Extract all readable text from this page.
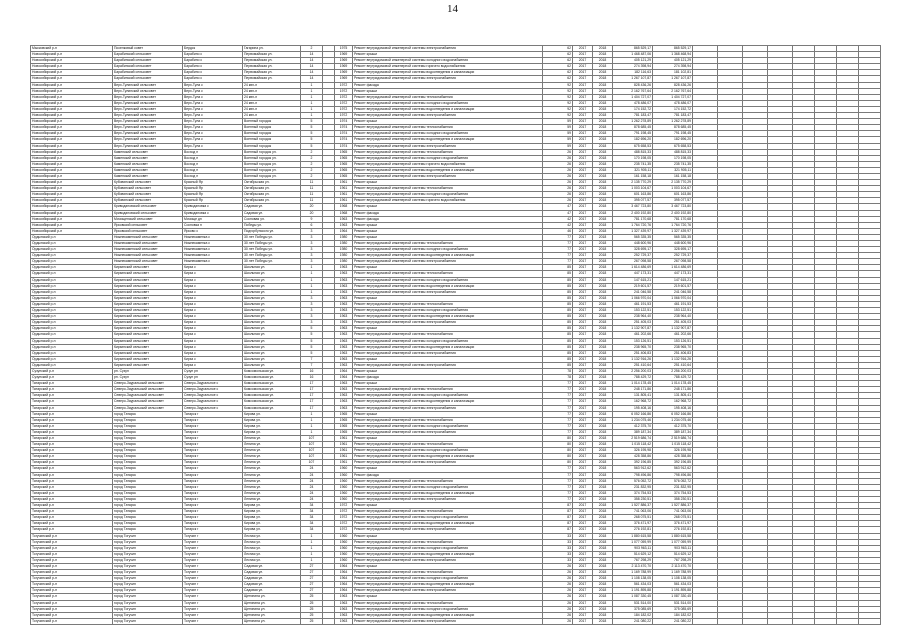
14
Мысковский р-н	Поселковый совет	Бердск	Гагарина ул.	2		1975	Ремонт внутридомовой инженерной системы электроснабжения	62	2017	2018	865 529,17	865 529,17								
Новосибирский р-н	Барабинский сельсовет	Барабино с	Первомайская ул.	14		1969	Ремонт крыши	62	2017	2018	1 468 487,06	1 368 468,94								
Новосибирский р-н	Барабинский сельсовет	Барабино с	Первомайская ул.	14		1969	Ремонт внутридомовой инженерной системы холодного водоснабжения	62	2017	2018	405 121,29	405 121,29								
Новосибирский р-н	Барабинский сельсовет	Барабино с	Первомайская ул.	14		1969	Ремонт внутридомовой инженерной системы горячего водоснабжения	62	2017	2018	274 398,94	274 398,94								
Новосибирский р-н	Барабинский сельсовет	Барабино с	Первомайская ул.	14		1969	Ремонт внутридомовой инженерной системы водоотведения и канализации	62	2017	2018	182 116,63	181 102,81								
Новосибирский р-н	Барабинский сельсовет	Барабино с	Первомайская ул.	14		1969	Ремонт внутридомовой инженерной системы электроснабжения	62	2017	2018	1 267 107,87	1 267 107,87								
Новосибирский р-н	Верх-Тулинский сельсовет	Верх-Тула с	24 квл-л	1		1972	Ремонт фасада	92	2017	2018	828 436,26	828 436,26								
Новосибирский р-н	Верх-Тулинский сельсовет	Верх-Тула с	24 квл-л	1		1972	Ремонт крыши	92	2017	2018	2 162 767,64	2 162 767,64								
Новосибирский р-н	Верх-Тулинский сельсовет	Верх-Тула с	24 квл-л	1		1972	Ремонт внутридомовой инженерной системы теплоснабжения	92	2017	2018	1 404 727,07	1 404 727,07								
Новосибирский р-н	Верх-Тулинский сельсовет	Верх-Тула с	24 квл-л	1		1972	Ремонт внутридомовой инженерной системы холодного водоснабжения	92	2017	2018	478 486,07	478 486,07								
Новосибирский р-н	Верх-Тулинский сельсовет	Верх-Тула с	24 квл-л	1		1972	Ремонт внутридомовой инженерной системы водоотведения и канализации	92	2017	2018	174 152,72	174 152,72								
Новосибирский р-н	Верх-Тулинский сельсовет	Верх-Тула с	24 квл-л	1		1972	Ремонт внутридомовой инженерной системы электроснабжения	92	2017	2018	781 183,47	781 183,47								
Новосибирский р-н	Верх-Тулинский сельсовет	Верх-Тула с	Военный городок	5		1974	Ремонт крыши	59	2017	2018	1 262 278,89	1 262 278,89								
Новосибирский р-н	Верх-Тулинский сельсовет	Верх-Тула с	Военный городок	5		1974	Ремонт внутридомовой инженерной системы теплоснабжения	59	2017	2018	878 685,45	878 685,45								
Новосибирский р-н	Верх-Тулинский сельсовет	Верх-Тула с	Военный городок	5		1974	Ремонт внутридомовой инженерной системы холодного водоснабжения	59	2017	2018	791 198,45	791 198,45								
Новосибирский р-н	Верх-Тулинский сельсовет	Верх-Тула с	Военный городок	5		1974	Ремонт внутридомовой инженерной системы водоотведения и канализации	59	2017	2018	182 696,20	182 696,20								
Новосибирский р-н	Верх-Тулинский сельсовет	Верх-Тула с	Военный городок	5		1974	Ремонт внутридомовой инженерной системы электроснабжения	59	2017	2018	675 658,53	675 658,53								
Новосибирский р-н	Каменский сельсовет	Восход п	Военный городок ул.	2		1965	Ремонт внутридомовой инженерной системы теплоснабжения	26	2017	2018	488 815,33	488 815,33								
Новосибирский р-н	Каменский сельсовет	Восход п	Военный городок ул.	2		1965	Ремонт внутридомовой инженерной системы холодного водоснабжения	26	2017	2018	170 198,05	170 198,05								
Новосибирский р-н	Каменский сельсовет	Восход п	Военный городок ул.	2		1965	Ремонт внутридомовой инженерной системы горячего водоснабжения	26	2017	2018	235 741,35	235 741,35								
Новосибирский р-н	Каменский сельсовет	Восход п	Военный городок ул.	2		1965	Ремонт внутридомовой инженерной системы водоотведения и канализации	26	2017	2018	321 905,11	321 905,11								
Новосибирский р-н	Каменский сельсовет	Восход п	Военный городок ул.	2		1965	Ремонт внутридомовой инженерной системы электроснабжения	26	2017	2018	161 158,18	161 158,18								
Новосибирский р-н	Кубовинский сельсовет	Красный Яр	Октябрьская ул.	11		1961	Ремонт крыши	26	2017	2018	2 135 770,29	2 135 770,29								
Новосибирский р-н	Кубовинский сельсовет	Красный Яр	Октябрьская ул.	11		1961	Ремонт внутридомовой инженерной системы теплоснабжения	26	2017	2018	1 003 104,67	1 003 104,67								
Новосибирский р-н	Кубовинский сельсовет	Красный Яр	Октябрьская ул.	11		1961	Ремонт внутридомовой инженерной системы холодного водоснабжения	26	2017	2018	601 163,86	601 163,86								
Новосибирский р-н	Кубовинский сельсовет	Красный Яр	Октябрьская ул.	11		1961	Ремонт внутридомовой инженерной системы горячего водоснабжения	26	2017	2018	395 077,57	395 077,57								
Новосибирский р-н	Криводановский сельсовет	Криводановка с	Садовая ул.	20		1968	Ремонт крыши	47	2017	2018	3 467 723,80	3 467 723,80								
Новосибирский р-н	Криводановский сельсовет	Криводановка с	Садовая ул.	20		1968	Ремонт фасада	47	2017	2018	2 400 192,80	2 400 192,80								
Новосибирский р-н	Мочищенский сельсовет	Мочище дп	Сосновая ул.	9		1963	Ремонт фасада	42	2017	2018	781 170,68	781 170,68								
Новосибирский р-н	Ярковский сельсовет	Сосновка п	Победы ул.	6		1963	Ремонт крыши	42	2017	2018	1 764 720,76	1 764 720,76								
Новосибирский р-н	Ярковский сельсовет	Ярково с	Подгорбунского ул.	3		1964	Ремонт крыши	46	2017	2018	1 327 439,97	1 327 439,97								
Ордынский р-н	Нижнекаменский сельсовет	Нижнекаменка с	30 лет Победы ул.	3		1980	Ремонт крыши	77	2017	2018	565 335,35	565 335,35								
Ордынский р-н	Нижнекаменский сельсовет	Нижнекаменка с	30 лет Победы ул.	3		1980	Ремонт внутридомовой инженерной системы теплоснабжения	77	2017	2018	448 600,96	448 600,96								
Ордынский р-н	Нижнекаменский сельсовет	Нижнекаменка с	30 лет Победы ул.	3		1980	Ремонт внутридомовой инженерной системы холодного водоснабжения	77	2017	2018	328 695,17	328 695,17								
Ордынский р-н	Нижнекаменский сельсовет	Нижнекаменка с	30 лет Победы ул.	3		1980	Ремонт внутридомовой инженерной системы водоотведения и канализации	77	2017	2018	252 729,37	252 729,37								
Ордынский р-н	Нижнекаменский сельсовет	Нижнекаменка с	30 лет Победы ул.	3		1980	Ремонт внутридомовой инженерной системы электроснабжения	77	2017	2018	267 098,58	267 098,58								
Ордынский р-н	Кирзинский сельсовет	Кирза с	Школьная ул.	1		1963	Ремонт крыши	85	2017	2018	1 614 486,69	1 614 486,69								
Ордынский р-н	Кирзинский сельсовет	Кирза с	Школьная ул.	1		1963	Ремонт внутридомовой инженерной системы теплоснабжения	85	2017	2018	447 173,31	447 173,31								
Ордынский р-н	Кирзинский сельсовет	Кирза с	Школьная ул.	1		1963	Ремонт внутридомовой инженерной системы холодного водоснабжения	85	2017	2018	147 615,21	147 615,21								
Ордынский р-н	Кирзинский сельсовет	Кирза с	Школьная ул.	1		1963	Ремонт внутридомовой инженерной системы водоотведения и канализации	85	2017	2018	219 601,57	219 601,57								
Ордынский р-н	Кирзинский сельсовет	Кирза с	Школьная ул.	1		1963	Ремонт внутридомовой инженерной системы электроснабжения	85	2017	2018	241 046,58	241 046,58								
Ордынский р-н	Кирзинский сельсовет	Кирза с	Школьная ул.	3		1963	Ремонт крыши	85	2017	2018	1 066 970,04	1 066 970,04								
Ордынский р-н	Кирзинский сельсовет	Кирза с	Школьная ул.	3		1963	Ремонт внутридомовой инженерной системы теплоснабжения	85	2017	2018	461 191,53	461 191,53								
Ордынский р-н	Кирзинский сельсовет	Кирза с	Школьная ул.	3		1963	Ремонт внутридомовой инженерной системы холодного водоснабжения	85	2017	2018	153 122,51	153 122,51								
Ордынский р-н	Кирзинский сельсовет	Кирза с	Школьная ул.	3		1963	Ремонт внутридомовой инженерной системы водоотведения и канализации	85	2017	2018	238 964,40	238 964,40								
Ордынский р-н	Кирзинский сельсовет	Кирза с	Школьная ул.	3		1963	Ремонт внутридомовой инженерной системы электроснабжения	85	2017	2018	251 405,03	251 405,03								
Ордынский р-н	Кирзинский сельсовет	Кирза с	Школьная ул.	5		1963	Ремонт крыши	85	2017	2018	1 132 907,87	1 132 907,87								
Ордынский р-н	Кирзинский сельсовет	Кирза с	Школьная ул.	5		1963	Ремонт внутридомовой инженерной системы теплоснабжения	85	2017	2018	461 202,66	461 202,66								
Ордынский р-н	Кирзинский сельсовет	Кирза с	Школьная ул.	5		1963	Ремонт внутридомовой инженерной системы холодного водоснабжения	85	2017	2018	153 126,51	153 126,51								
Ордынский р-н	Кирзинский сельсовет	Кирза с	Школьная ул.	5		1963	Ремонт внутридомовой инженерной системы водоотведения и канализации	85	2017	2018	238 965,70	238 965,70								
Ордынский р-н	Кирзинский сельсовет	Кирза с	Школьная ул.	5		1963	Ремонт внутридомовой инженерной системы электроснабжения	85	2017	2018	251 406,83	251 406,83								
Ордынский р-н	Кирзинский сельсовет	Кирза с	Школьная ул.	7		1963	Ремонт крыши	85	2017	2018	1 132 916,26	1 132 916,26								
Ордынский р-н	Кирзинский сельсовет	Кирза с	Школьная ул.	7		1963	Ремонт внутридомовой инженерной системы электроснабжения	85	2017	2018	251 410,64	251 410,64								
Сузунский р-н	рп. Сузун	Сузун рп	Комсомольская ул.	16		1964	Ремонт крыши	78	2017	2018	2 256 200,03	2 256 200,03								
Сузунский р-н	рп. Сузун	Сузун рп	Комсомольская ул.	16		1964	Ремонт фасада	78	2017	2018	788 429,72	788 429,72								
Татарский р-н	Северо-Зауральский сельсовет	Северо-Зауральное с	Комсомольская ул.	17		1963	Ремонт крыши	77	2017	2018	1 014 178,45	1 014 178,45								
Татарский р-н	Северо-Зауральский сельсовет	Северо-Зауральное с	Комсомольская ул.	17		1963	Ремонт внутридомовой инженерной системы теплоснабжения	77	2017	2018	248 171,86	248 171,86								
Татарский р-н	Северо-Зауральский сельсовет	Северо-Зауральное с	Комсомольская ул.	17		1963	Ремонт внутридомовой инженерной системы холодного водоснабжения	77	2017	2018	131 805,41	131 805,41								
Татарский р-н	Северо-Зауральский сельсовет	Северо-Зауральное с	Комсомольская ул.	17		1963	Ремонт внутридомовой инженерной системы водоотведения и канализации	77	2017	2018	162 968,72	162 968,72								
Татарский р-н	Северо-Зауральский сельсовет	Северо-Зауральное с	Комсомольская ул.	17		1963	Ремонт внутридомовой инженерной системы электроснабжения	77	2017	2018	195 408,16	195 408,16								
Татарский р-н	город Татарск	Татарск г	Кирова ул.	1		1965	Ремонт крыши	77	2017	2018	6 052 166,86	6 052 166,86								
Татарский р-н	город Татарск	Татарск г	Кирова ул.	1		1965	Ремонт внутридомовой инженерной системы теплоснабжения	77	2017	2018	1 234 075,46	1 234 075,46								
Татарский р-н	город Татарск	Татарск г	Кирова ул.	1		1965	Ремонт внутридомовой инженерной системы холодного водоснабжения	77	2017	2018	412 375,70	412 375,70								
Татарский р-н	город Татарск	Татарск г	Кирова ул.	1		1965	Ремонт внутридомовой инженерной системы электроснабжения	77	2017	2018	389 187,34	389 187,34								
Татарский р-н	город Татарск	Татарск г	Ленина ул.	107		1961	Ремонт крыши	80	2017	2018	2 519 686,74	2 519 686,74								
Татарский р-н	город Татарск	Татарск г	Ленина ул.	107		1961	Ремонт внутридомовой инженерной системы теплоснабжения	80	2017	2018	1 015 118,42	1 015 118,42								
Татарский р-н	город Татарск	Татарск г	Ленина ул.	107		1961	Ремонт внутридомовой инженерной системы холодного водоснабжения	80	2017	2018	326 195,98	326 195,98								
Татарский р-н	город Татарск	Татарск г	Ленина ул.	107		1961	Ремонт внутридомовой инженерной системы водоотведения и канализации	80	2017	2018	428 358,86	428 358,86								
Татарский р-н	город Татарск	Татарск г	Ленина ул.	107		1961	Ремонт внутридомовой инженерной системы электроснабжения	80	2017	2018	392 196,85	392 196,85								
Татарский р-н	город Татарск	Татарск г	Ленина ул.	24		1960	Ремонт крыши	77	2017	2018	563 912,62	563 912,62								
Татарский р-н	город Татарск	Татарск г	Ленина ул.	24		1960	Ремонт фасада	77	2017	2018	798 496,86	798 496,86								
Татарский р-н	город Татарск	Татарск г	Ленина ул.	24		1960	Ремонт внутридомовой инженерной системы теплоснабжения	77	2017	2018	576 052,72	576 052,72								
Татарский р-н	город Татарск	Татарск г	Ленина ул.	24		1960	Ремонт внутридомовой инженерной системы холодного водоснабжения	77	2017	2018	231 832,95	231 832,95								
Татарский р-н	город Татарск	Татарск г	Ленина ул.	24		1960	Ремонт внутридомовой инженерной системы водоотведения и канализации	77	2017	2018	374 754,53	374 754,53								
Татарский р-н	город Татарск	Татарск г	Ленина ул.	24		1960	Ремонт внутридомовой инженерной системы электроснабжения	77	2017	2018	358 230,51	358 230,51								
Татарский р-н	город Татарск	Татарск г	Кирова ул.	34		1972	Ремонт крыши	87	2017	2018	1 527 886,37	1 527 886,37								
Татарский р-н	город Татарск	Татарск г	Кирова ул.	34		1972	Ремонт внутридомовой инженерной системы теплоснабжения	87	2017	2018	741 063,06	741 063,06								
Татарский р-н	город Татарск	Татарск г	Кирова ул.	34		1972	Ремонт внутридомовой инженерной системы холодного водоснабжения	87	2017	2018	268 075,51	268 075,51								
Татарский р-н	город Татарск	Татарск г	Кирова ул.	34		1972	Ремонт внутридомовой инженерной системы водоотведения и канализации	87	2017	2018	376 471,97	376 471,97								
Татарский р-н	город Татарск	Татарск г	Кирова ул.	34		1972	Ремонт внутридомовой инженерной системы электроснабжения	87	2017	2018	276 192,81	276 192,81								
Тогучинский р-н	город Тогучин	Тогучин г	Лесная ул.	1		1960	Ремонт крыши	33	2017	2018	1 880 615,58	1 880 615,58								
Тогучинский р-н	город Тогучин	Тогучин г	Лесная ул.	1		1960	Ремонт внутридомовой инженерной системы теплоснабжения	33	2017	2018	1 077 059,99	1 077 059,99								
Тогучинский р-н	город Тогучин	Тогучин г	Лесная ул.	1		1960	Ремонт внутридомовой инженерной системы холодного водоснабжения	33	2017	2018	903 963,11	903 963,11								
Тогучинский р-н	город Тогучин	Тогучин г	Лесная ул.	1		1960	Ремонт внутридомовой инженерной системы водоотведения и канализации	33	2017	2018	514 629,12	514 629,12								
Тогучинский р-н	город Тогучин	Тогучин г	Лесная ул.	1		1960	Ремонт внутридомовой инженерной системы электроснабжения	33	2017	2018	767 298,29	767 298,29								
Тогучинский р-н	город Тогучин	Тогучин г	Садовая ул.	27		1964	Ремонт крыши	26	2017	2018	2 113 470,70	2 113 470,70								
Тогучинский р-н	город Тогучин	Тогучин г	Садовая ул.	27		1964	Ремонт внутридомовой инженерной системы теплоснабжения	26	2017	2018	1 169 788,99	1 169 788,99								
Тогучинский р-н	город Тогучин	Тогучин г	Садовая ул.	27		1964	Ремонт внутридомовой инженерной системы холодного водоснабжения	26	2017	2018	1 108 138,05	1 108 138,05								
Тогучинский р-н	город Тогучин	Тогучин г	Садовая ул.	27		1964	Ремонт внутридомовой инженерной системы водоотведения и канализации	26	2017	2018	561 434,03	561 434,03								
Тогучинский р-н	город Тогучин	Тогучин г	Садовая ул.	27		1964	Ремонт внутридомовой инженерной системы электроснабжения	26	2017	2018	1 191 895,88	1 191 895,88								
Тогучинский р-н	город Тогучин	Тогучин г	Щетинина ул.	25		1963	Ремонт крыши	26	2017	2018	1 087 330,45	1 087 330,45								
Тогучинский р-н	город Тогучин	Тогучин г	Щетинина ул.	25		1963	Ремонт внутридомовой инженерной системы теплоснабжения	26	2017	2018	531 514,00	531 514,00								
Тогучинский р-н	город Тогучин	Тогучин г	Щетинина ул.	25		1963	Ремонт внутридомовой инженерной системы холодного водоснабжения	26	2017	2018	375 085,69	375 085,69								
Тогучинский р-н	город Тогучин	Тогучин г	Щетинина ул.	25		1963	Ремонт внутридомовой инженерной системы водоотведения и канализации	26	2017	2018	184 182,02	184 182,02								
Тогучинский р-н	город Тогучин	Тогучин г	Щетинина ул.	25		1963	Ремонт внутридомовой инженерной системы электроснабжения	26	2017	2018	241 080,22	241 080,22								
